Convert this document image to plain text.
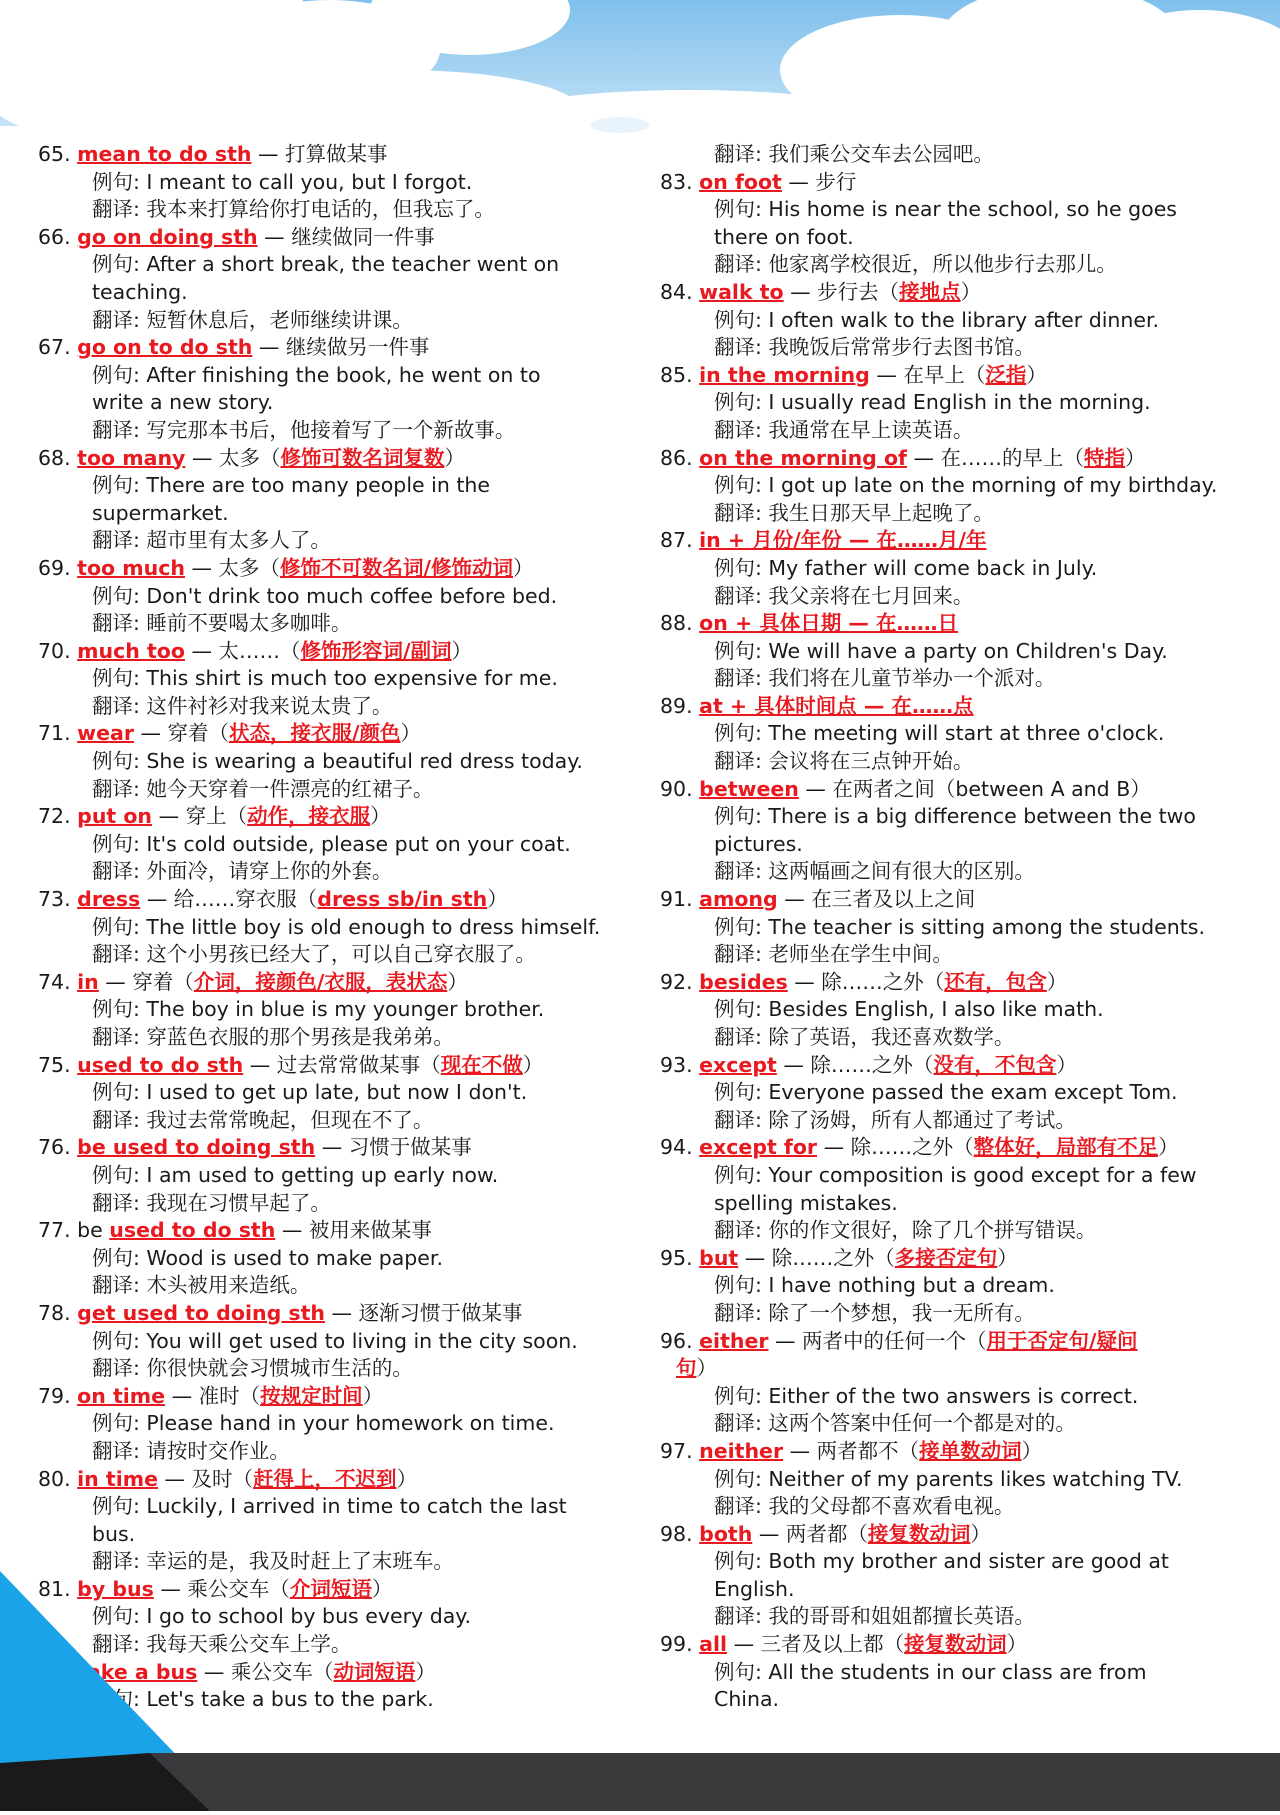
65. mean to do sth — 打算做某事
例句: I meant to call you, but I forgot.
翻译: 我本来打算给你打电话的，但我忘了。
66. go on doing sth — 继续做同一件事
例句: After a short break, the teacher went on
teaching.
翻译: 短暂休息后，老师继续讲课。
67. go on to do sth — 继续做另一件事
例句: After finishing the book, he went on to
write a new story.
翻译: 写完那本书后，他接着写了一个新故事。
68. too many — 太多（修饰可数名词复数）
例句: There are too many people in the
supermarket.
翻译: 超市里有太多人了。
69. too much — 太多（修饰不可数名词/修饰动词）
例句: Don't drink too much coffee before bed.
翻译: 睡前不要喝太多咖啡。
70. much too — 太……（修饰形容词/副词）
例句: This shirt is much too expensive for me.
翻译: 这件衬衫对我来说太贵了。
71. wear — 穿着（状态，接衣服/颜色）
例句: She is wearing a beautiful red dress today.
翻译: 她今天穿着一件漂亮的红裙子。
72. put on — 穿上（动作，接衣服）
例句: It's cold outside, please put on your coat.
翻译: 外面冷，请穿上你的外套。
73. dress — 给……穿衣服（dress sb/in sth）
例句: The little boy is old enough to dress himself.
翻译: 这个小男孩已经大了，可以自己穿衣服了。
74. in — 穿着（介词，接颜色/衣服，表状态）
例句: The boy in blue is my younger brother.
翻译: 穿蓝色衣服的那个男孩是我弟弟。
75. used to do sth — 过去常常做某事（现在不做）
例句: I used to get up late, but now I don't.
翻译: 我过去常常晚起，但现在不了。
76. be used to doing sth — 习惯于做某事
例句: I am used to getting up early now.
翻译: 我现在习惯早起了。
77. be used to do sth — 被用来做某事
例句: Wood is used to make paper.
翻译: 木头被用来造纸。
78. get used to doing sth — 逐渐习惯于做某事
例句: You will get used to living in the city soon.
翻译: 你很快就会习惯城市生活的。
79. on time — 准时（按规定时间）
例句: Please hand in your homework on time.
翻译: 请按时交作业。
80. in time — 及时（赶得上，不迟到）
例句: Luckily, I arrived in time to catch the last
bus.
翻译: 幸运的是，我及时赶上了末班车。
81. by bus — 乘公交车（介词短语）
例句: I go to school by bus every day.
翻译: 我每天乘公交车上学。
82. take a bus — 乘公交车（动词短语）
例句: Let's take a bus to the park.
翻译: 我们乘公交车去公园吧。
83. on foot — 步行
例句: His home is near the school, so he goes
there on foot.
翻译: 他家离学校很近，所以他步行去那儿。
84. walk to — 步行去（接地点）
例句: I often walk to the library after dinner.
翻译: 我晚饭后常常步行去图书馆。
85. in the morning — 在早上（泛指）
例句: I usually read English in the morning.
翻译: 我通常在早上读英语。
86. on the morning of — 在……的早上（特指）
例句: I got up late on the morning of my birthday.
翻译: 我生日那天早上起晚了。
87. in + 月份/年份 — 在……月/年
例句: My father will come back in July.
翻译: 我父亲将在七月回来。
88. on + 具体日期 — 在……日
例句: We will have a party on Children's Day.
翻译: 我们将在儿童节举办一个派对。
89. at + 具体时间点 — 在……点
例句: The meeting will start at three o'clock.
翻译: 会议将在三点钟开始。
90. between — 在两者之间（between A and B）
例句: There is a big difference between the two
pictures.
翻译: 这两幅画之间有很大的区别。
91. among — 在三者及以上之间
例句: The teacher is sitting among the students.
翻译: 老师坐在学生中间。
92. besides — 除……之外（还有，包含）
例句: Besides English, I also like math.
翻译: 除了英语，我还喜欢数学。
93. except — 除……之外（没有，不包含）
例句: Everyone passed the exam except Tom.
翻译: 除了汤姆，所有人都通过了考试。
94. except for — 除……之外（整体好，局部有不足）
例句: Your composition is good except for a few
spelling mistakes.
翻译: 你的作文很好，除了几个拼写错误。
95. but — 除……之外（多接否定句）
例句: I have nothing but a dream.
翻译: 除了一个梦想，我一无所有。
96. either — 两者中的任何一个（用于否定句/疑问
句）
例句: Either of the two answers is correct.
翻译: 这两个答案中任何一个都是对的。
97. neither — 两者都不（接单数动词）
例句: Neither of my parents likes watching TV.
翻译: 我的父母都不喜欢看电视。
98. both — 两者都（接复数动词）
例句: Both my brother and sister are good at
English.
翻译: 我的哥哥和姐姐都擅长英语。
99. all — 三者及以上都（接复数动词）
例句: All the students in our class are from
China.
